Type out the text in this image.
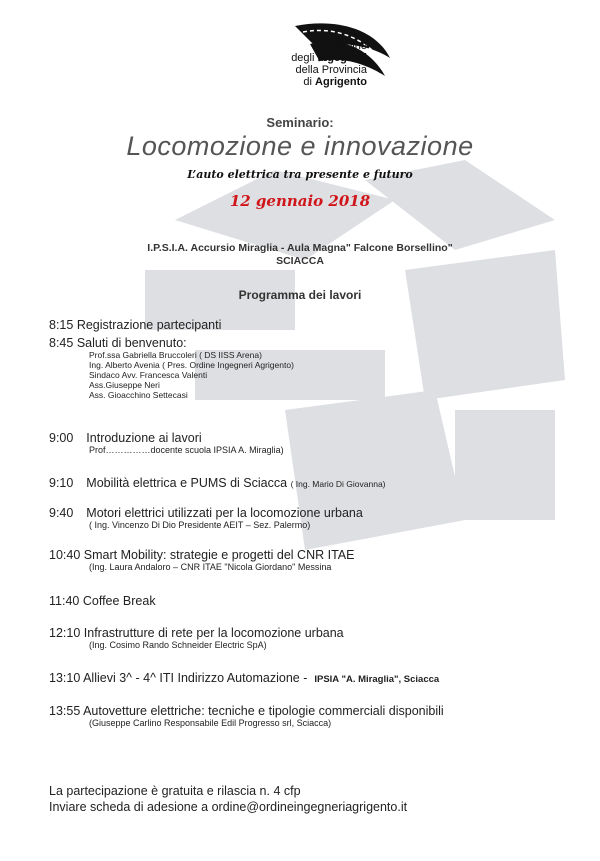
Ordine
degli Ingegneri
della Provincia
di Agrigento
Seminario:
Locomozione e innovazione
L’auto elettrica tra presente e futuro
12 gennaio 2018
I.P.S.I.A. Accursio Miraglia - Aula Magna" Falcone Borsellino"
SCIACCA
Programma dei lavori
8:15 Registrazione partecipanti
8:45 Saluti di benvenuto:
Prof.ssa Gabriella Bruccoleri ( DS IISS Arena)
Ing. Alberto Avenia ( Pres. Ordine Ingegneri Agrigento)
Sindaco Avv. Francesca Valenti
Ass.Giuseppe Neri
Ass. Gioacchino Settecasi
9:00 Introduzione ai lavori
Prof……………docente scuola IPSIA A. Miraglia)
9:10 Mobilità elettrica e PUMS di Sciacca ( Ing. Mario Di Giovanna)
9:40 Motori elettrici utilizzati per la locomozione urbana
( Ing. Vincenzo Di Dio Presidente AEIT – Sez. Palermo)
10:40 Smart Mobility: strategie e progetti del CNR ITAE
(Ing. Laura Andaloro – CNR ITAE "Nicola Giordano" Messina
11:40 Coffee Break
12:10 Infrastrutture di rete per la locomozione urbana
(Ing. Cosimo Rando Schneider Electric SpA)
13:10 Allievi 3^ - 4^ ITI Indirizzo Automazione - IPSIA "A. Miraglia", Sciacca
13:55 Autovetture elettriche: tecniche e tipologie commerciali disponibili
(Giuseppe Carlino Responsabile Edil Progresso srl, Sciacca)
La partecipazione è gratuita e rilascia n. 4 cfp
Inviare scheda di adesione a ordine@ordineingegneriagrigento.it
